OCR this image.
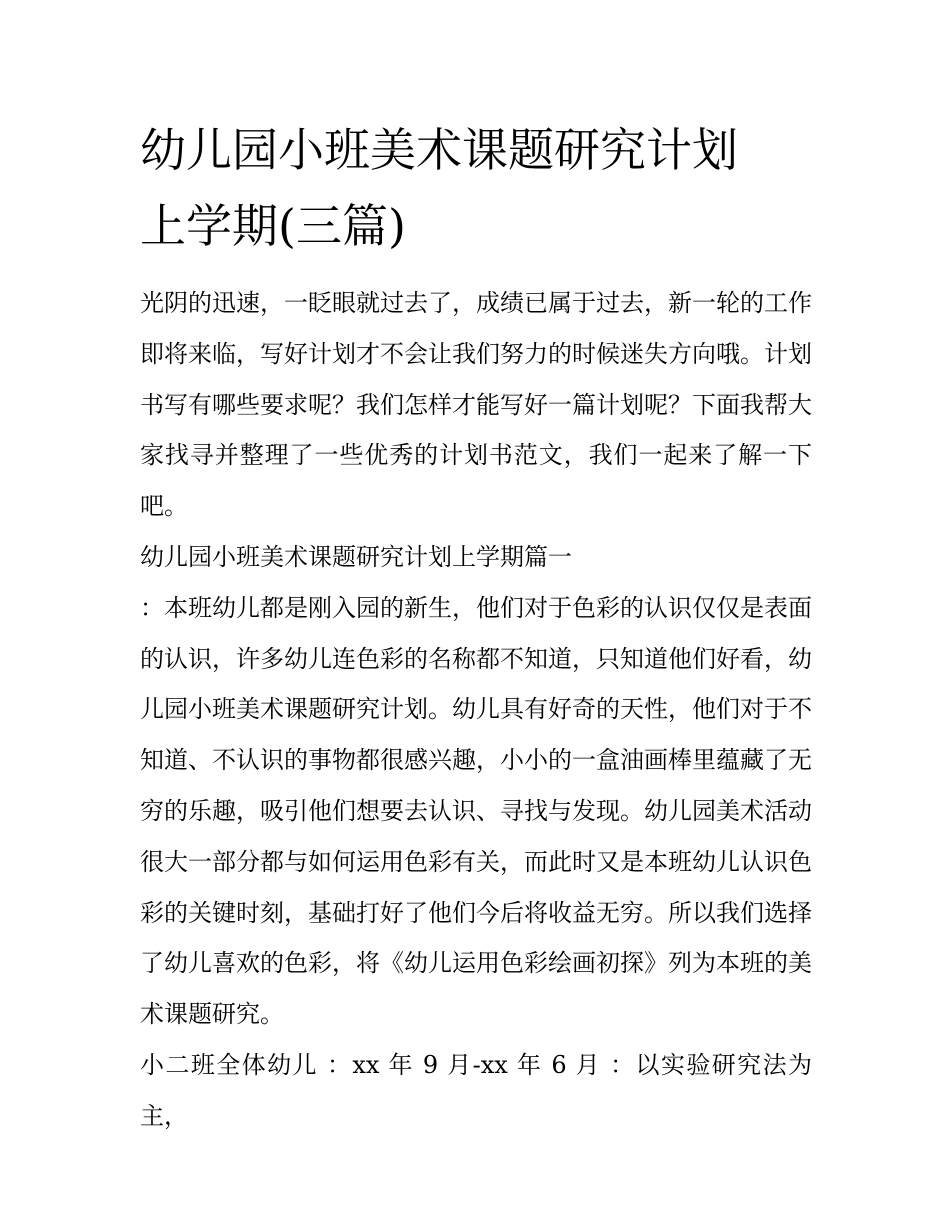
幼儿园小班美术课题研究计划
上学期(三篇)

光阴的迅速，一眨眼就过去了，成绩已属于过去，新一轮的工作即将来临，写好计划才不会让我们努力的时候迷失方向哦。计划书写有哪些要求呢？我们怎样才能写好一篇计划呢？下面我帮大家找寻并整理了一些优秀的计划书范文，我们一起来了解一下吧。

幼儿园小班美术课题研究计划上学期篇一

：本班幼儿都是刚入园的新生，他们对于色彩的认识仅仅是表面的认识，许多幼儿连色彩的名称都不知道，只知道他们好看，幼儿园小班美术课题研究计划。幼儿具有好奇的天性，他们对于不知道、不认识的事物都很感兴趣，小小的一盒油画棒里蕴藏了无穷的乐趣，吸引他们想要去认识、寻找与发现。幼儿园美术活动很大一部分都与如何运用色彩有关，而此时又是本班幼儿认识色彩的关键时刻，基础打好了他们今后将收益无穷。所以我们选择了幼儿喜欢的色彩，将《幼儿运用色彩绘画初探》列为本班的美术课题研究。

小二班全体幼儿 ：xx 年 9 月-xx 年 6 月 ：以实验研究法为主，
